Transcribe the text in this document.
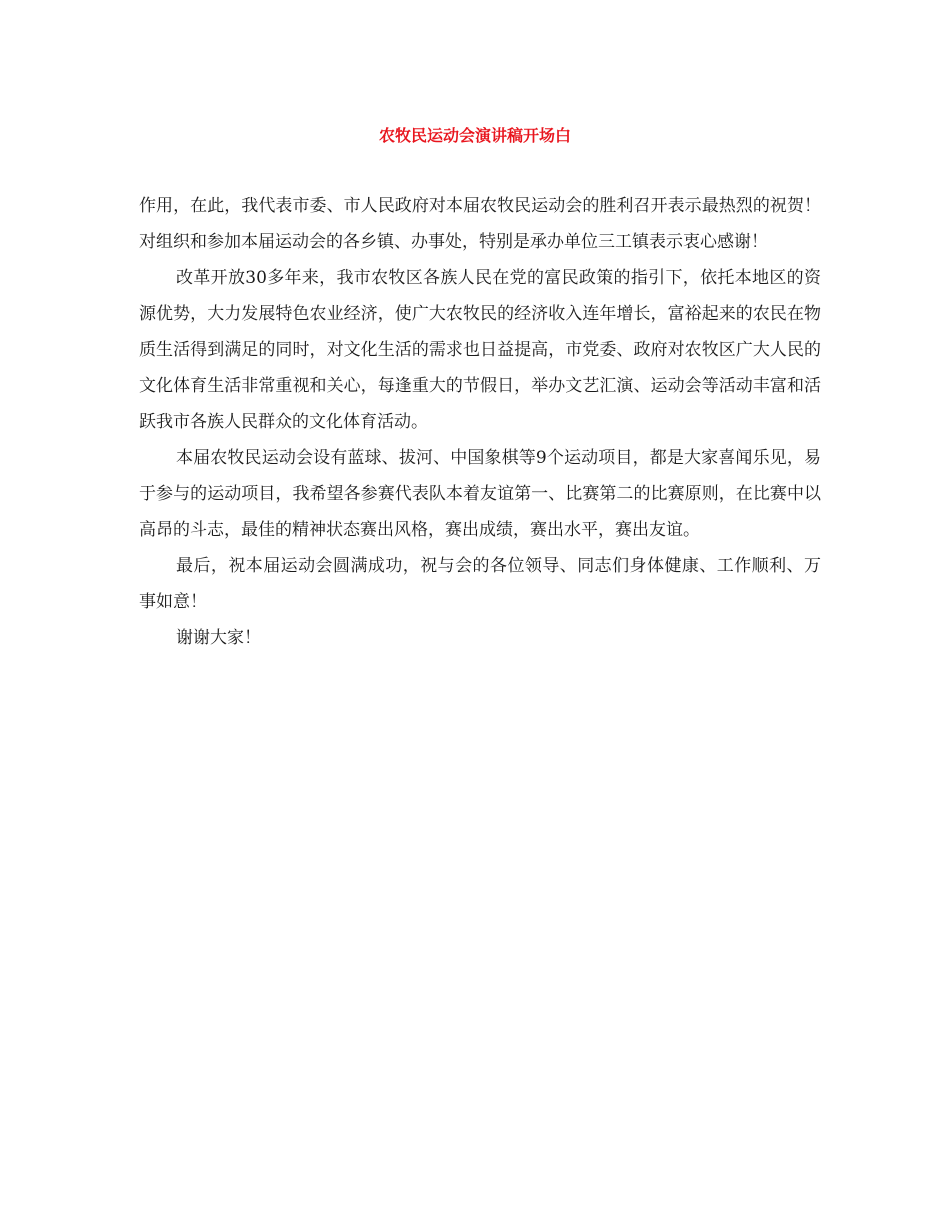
农牧民运动会演讲稿开场白

作用，在此，我代表市委、市人民政府对本届农牧民运动会的胜利召开表示最热烈的祝贺！对组织和参加本届运动会的各乡镇、办事处，特别是承办单位三工镇表示衷心感谢！

改革开放30多年来，我市农牧区各族人民在党的富民政策的指引下，依托本地区的资源优势，大力发展特色农业经济，使广大农牧民的经济收入连年增长，富裕起来的农民在物质生活得到满足的同时，对文化生活的需求也日益提高，市党委、政府对农牧区广大人民的文化体育生活非常重视和关心，每逢重大的节假日，举办文艺汇演、运动会等活动丰富和活跃我市各族人民群众的文化体育活动。

本届农牧民运动会设有蓝球、拔河、中国象棋等9个运动项目，都是大家喜闻乐见，易于参与的运动项目，我希望各参赛代表队本着友谊第一、比赛第二的比赛原则，在比赛中以高昂的斗志，最佳的精神状态赛出风格，赛出成绩，赛出水平，赛出友谊。

最后，祝本届运动会圆满成功，祝与会的各位领导、同志们身体健康、工作顺利、万事如意！

谢谢大家！
